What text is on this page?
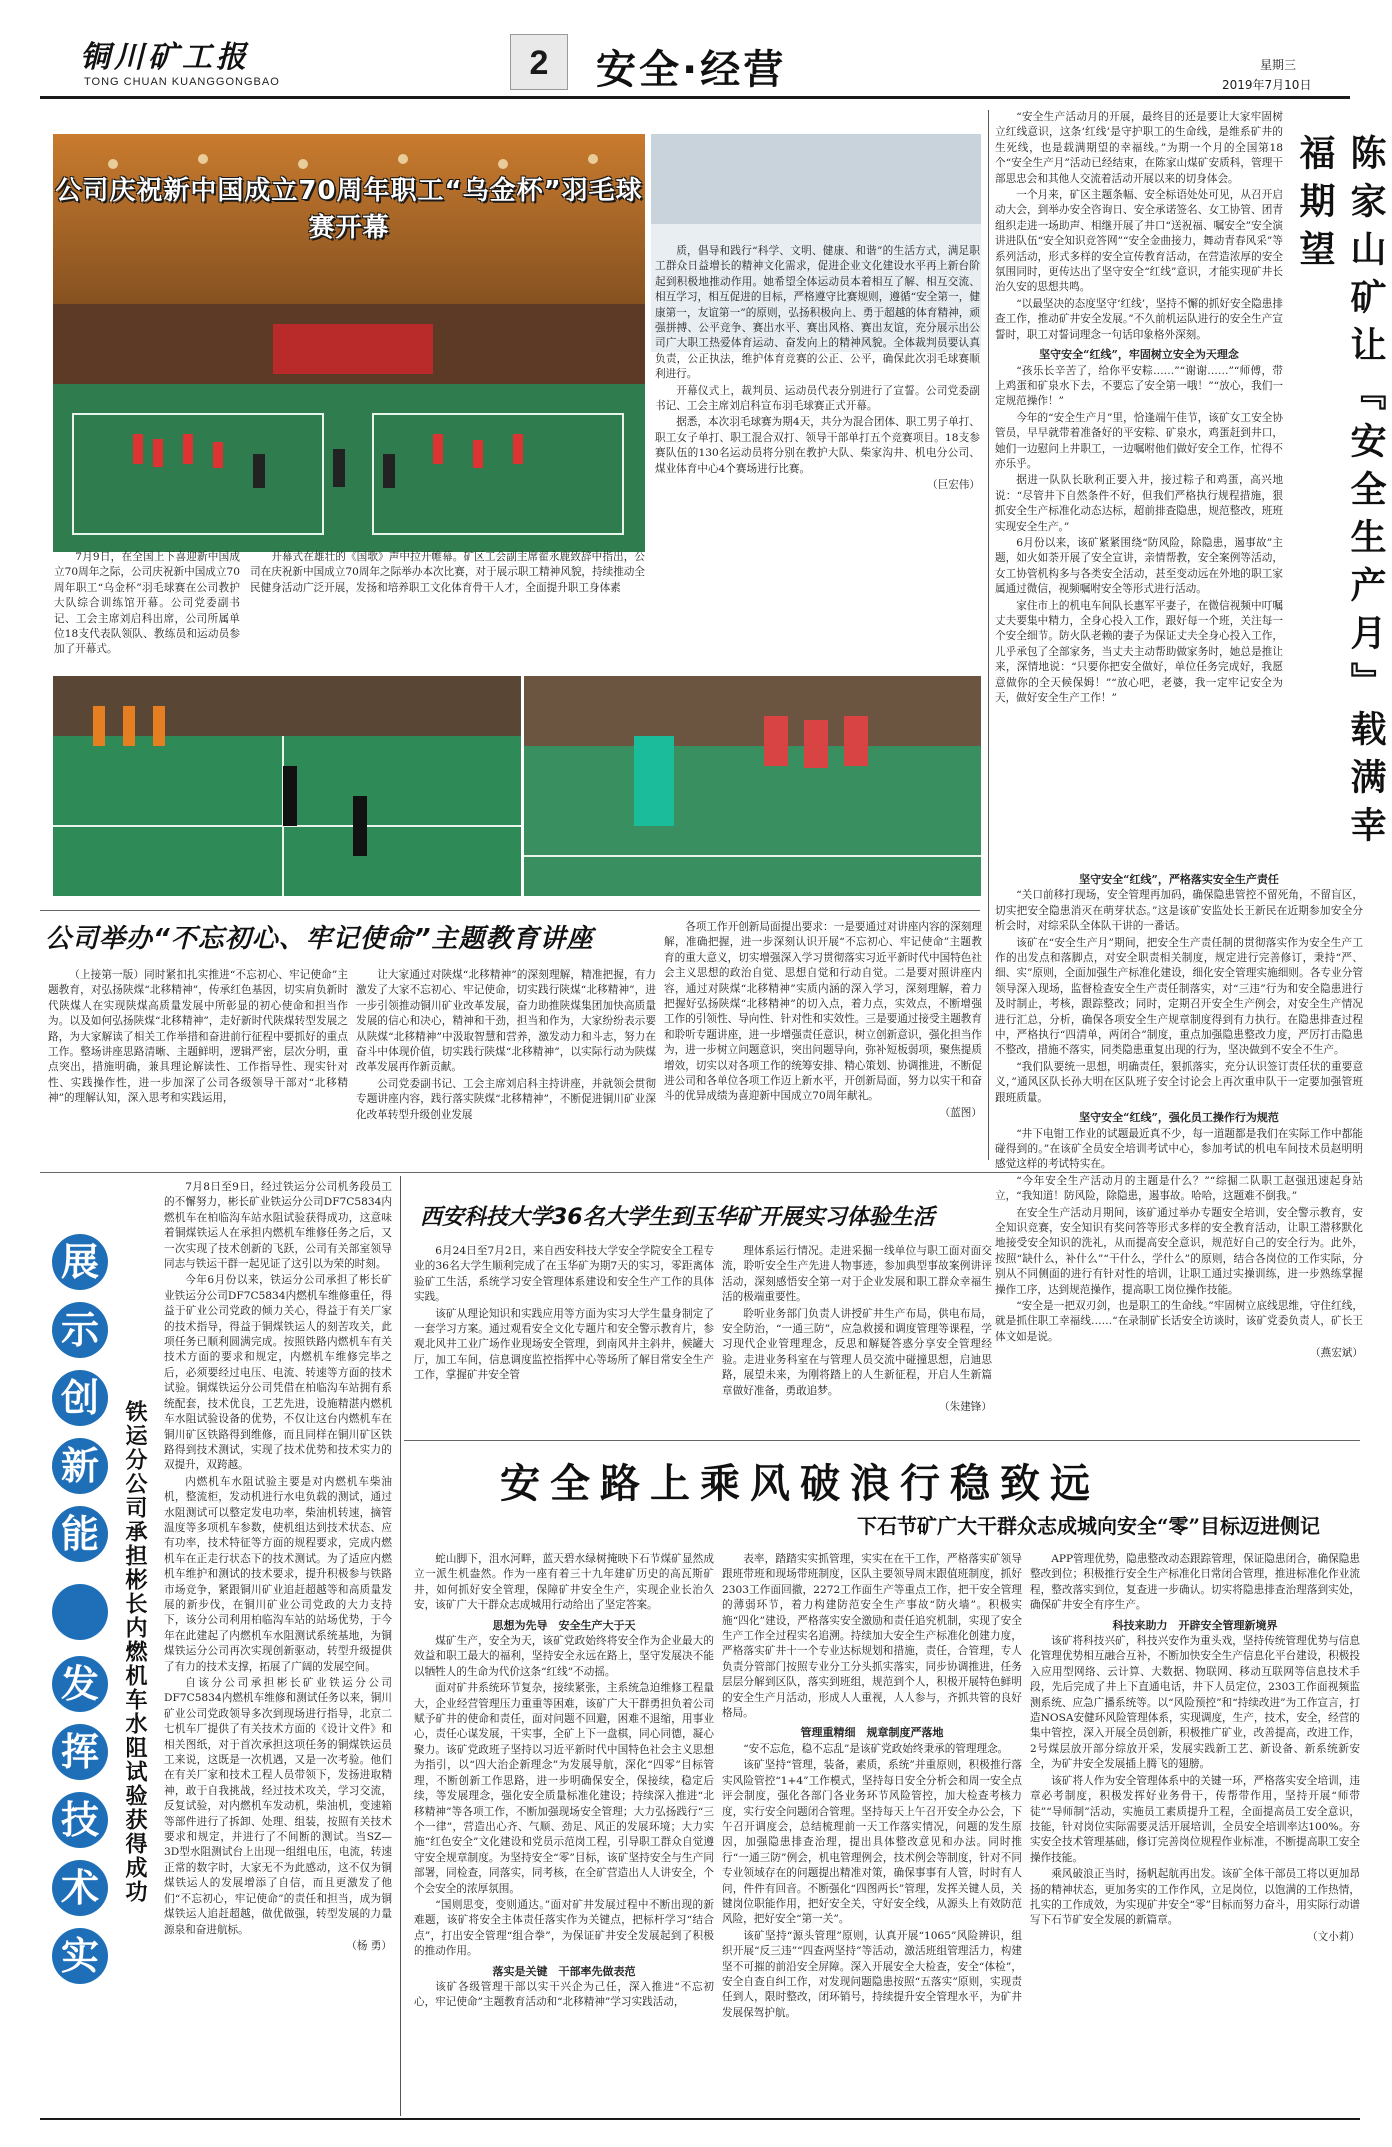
铜川矿工报
TONG CHUAN KUANGGONGBAO	2	安全·经营	星期三
2019年7月10日
公司庆祝新中国成立70周年职工“乌金杯”羽毛球赛开幕

7月9日，在全国上下喜迎新中国成立70周年之际，公司庆祝新中国成立70周年职工“乌金杯”羽毛球赛在公司教护大队综合训练馆开幕。公司党委副书记、工会主席刘启科出席，公司所属单位18支代表队领队、教练员和运动员参加了开幕式。

开幕式在雄壮的《国歌》声中拉开帷幕。矿区工会副主席翟永鹿致辞中指出，公司在庆祝新中国成立70周年之际举办本次比赛，对于展示职工精神风貌，持续推动全民健身活动广泛开展，发扬和培养职工文化体育骨干人才，全面提升职工身体素

质，倡导和践行“科学、文明、健康、和谐”的生活方式，满足职工群众日益增长的精神文化需求，促进企业文化建设水平再上新台阶起到积极地推动作用。她希望全体运动员本着相互了解、相互交流、相互学习，相互促进的目标，严格遵守比赛规则，遵循“安全第一，健康第一，友谊第一”的原则，弘扬积极向上、勇于超越的体育精神，顽强拼搏、公平竞争、赛出水平、赛出风格、赛出友谊，充分展示出公司广大职工热爱体育运动、奋发向上的精神风貌。全体裁判员要认真负责，公正执法，维护体育竞赛的公正、公平，确保此次羽毛球赛顺利进行。

开幕仪式上，裁判员、运动员代表分别进行了宣誓。公司党委副书记、工会主席刘启科宣布羽毛球赛正式开幕。

据悉，本次羽毛球赛为期4天，共分为混合团体、职工男子单打、职工女子单打、职工混合双打、领导干部单打五个竞赛项目。18支参赛队伍的130名运动员将分别在教护大队、柴家沟井、机电分公司、煤业体育中心4个赛场进行比赛。

（巨宏伟）	陈家山矿让『安全生产月』载满幸福期望

“安全生产活动月的开展，最终目的还是要让大家牢固树立红线意识，这条‘红线’是守护职工的生命线，是维系矿井的生死线，也是载满期望的幸福线。”为期一个月的全国第18个“安全生产月”活动已经结束，在陈家山煤矿安质科，管理干部思忠会和其他人交流着活动开展以来的切身体会。

一个月来，矿区主题条幅、安全标语处处可见，从召开启动大会，到举办安全咨询日、安全承诺签名、女工协管、团青组织走进一场助声、相继开展了井口“送祝福、嘱安全”安全演讲进队伍“安全知识竞答网”“安全金曲接力，舞动青春风采”等系列活动，形式多样的安全宣传教育活动，在营造浓厚的安全氛围同时，更传达出了坚守安全“红线”意识，才能实现矿井长治久安的思想共鸣。

“以最坚决的态度坚守‘红线’，坚持不懈的抓好安全隐患排查工作，推动矿井安全发展。”不久前机运队进行的安全生产宣誓时，职工对誓词理念一句话印象格外深刻。

坚守安全“红线”，牢固树立安全为天理念

“孩乐长辛苦了，给你平安粽……”“谢谢……”“师傅，带上鸡蛋和矿泉水下去，不要忘了安全第一哦！”“放心，我们一定规范操作！”

今年的“安全生产月”里，恰逢端午佳节，该矿女工安全协管员，早早就带着准备好的平安粽、矿泉水，鸡蛋赶到井口，她们一边慰问上井职工，一边嘱咐他们做好安全工作，忙得不亦乐乎。

据进一队队长耿利正要入井，接过粽子和鸡蛋，高兴地说：“尽管井下自然条件不好，但我们严格执行规程措施，狠抓安全生产标准化动态达标，超前排查隐患，规范整改，班班实现安全生产。”

6月份以来，该矿紧紧围绕“防风险，除隐患，遏事故”主题，如火如荼开展了安全宣讲，亲情帮教，安全案例等活动，女工协管机构多与各类安全活动，甚至变动远在外地的职工家属通过微信，视频嘱咐安全等形式进行活动。

家住市上的机电车间队长惠军平妻子，在微信视频中叮嘱丈夫要集中精力，全身心投入工作，跟好每一个班，关注每一个安全细节。防火队老赖的妻子为保证丈夫全身心投入工作，儿乎承包了全部家务，当丈夫主动帮助做家务时，她总是推让来，深情地说：“只要你把安全做好，单位任务完成好，我愿意做你的全天候保姆！”“放心吧，老婆，我一定牢记安全为天，做好安全生产工作！”

坚守安全“红线”，严格落实安全生产责任

“关口前移打现场，安全管理再加码，确保隐患管控不留死角，不留盲区，切实把安全隐患消灭在萌芽状态。”这是该矿安监处长王新民在近期参加安全分析会时，对综采队全体队干讲的一番话。

该矿在“安全生产月”期间，把安全生产责任制的贯彻落实作为安全生产工作的出发点和落脚点，对安全职责相关制度，规定进行完善修订，秉持“严、细、实”原则，全面加强生产标准化建设，细化安全管理实施细则。各专业分管领导深入现场，监督检查安全生产责任制落实，对“三违”行为和安全隐患进行及时制止，考核，跟踪整改；同时，定期召开安全生产例会，对安全生产情况进行汇总，分析，确保各项安全生产规章制度得到有力执行。在隐患排查过程中，严格执行“四清单，两闭合”制度，重点加强隐患整改力度，严厉打击隐患不整改，措施不落实，同类隐患重复出现的行为，坚决做到不安全不生产。

“我们队要统一思想，明确责任，狠抓落实，充分认识签订责任状的重要意义，”通风区队长孙大明在区队班子安全讨论会上再次重申队干一定要加强管班跟班质量。

坚守安全“红线”，强化员工操作行为规范

“井下电钳工作业的试题最近真不少，每一道题都是我们在实际工作中都能碰得到的。”在该矿全员安全培训考试中心，参加考试的机电车间技术员赵明明感觉这样的考试特实在。

“今年安全生产活动月的主题是什么？”“综掘二队职工赵强迅速起身站立，“我知道！防风险，除隐患，遏事故。哈哈，这题难不倒我。”

在安全生产活动月期间，该矿通过举办专题安全培训，安全警示教育，安全知识竞赛，安全知识有奖问答等形式多样的安全教育活动，让职工潜移默化地接受安全知识的洗礼，从而提高安全意识，规范好自己的安全行为。此外，按照“缺什么，补什么”“干什么，学什么”的原则，结合各岗位的工作实际，分别从不同侧面的进行有针对性的培训，让职工通过实操训练，进一步熟练掌握操作工序，达到规范操作，提高职工岗位操作技能。

“安全是一把双刃剑，也是职工的生命线。”牢固树立底线思维，守住红线，就是抓住职工幸福线……“在录制矿长话安全访谈时，该矿党委负责人，矿长王体文如是说。

（燕宏斌）
公司举办“不忘初心、牢记使命”主题教育讲座

（上接第一版）同时紧扣扎实推进“不忘初心、牢记使命”主题教育，对弘扬陕煤“北移精神”，传承红色基因，切实肩负新时代陕煤人在实现陕煤高质量发展中所彰显的初心使命和担当作为。以及如何弘扬陕煤“北移精神”，走好新时代陕煤转型发展之路，为大家解读了相关工作举措和奋进前行征程中要抓好的重点工作。整场讲座思路清晰、主题鲜明，逻辑严密，层次分明，重点突出，措施明确，兼具理论解读性、工作指导性、现实针对性、实践操作性，进一步加深了公司各级领导干部对“北移精神”的理解认知，深入思考和实践运用，

让大家通过对陕煤“北移精神”的深刻理解，精准把握，有力激发了大家不忘初心、牢记使命，切实践行陕煤“北移精神”，进一步引领推动铜川矿业改革发展，奋力助推陕煤集团加快高质量发展的信心和决心，精神和干劲，担当和作为，大家纷纷表示要从陕煤“北移精神”中汲取智慧和营养，激发动力和斗志，努力在奋斗中体现价值，切实践行陕煤“北移精神”，以实际行动为陕煤改革发展再作新贡献。

公司党委副书记、工会主席刘启科主持讲座，并就领会贯彻专题讲座内容，践行落实陕煤“北移精神”，不断促进铜川矿业深化改革转型升级创业发展

各项工作开创新局面提出要求：一是要通过对讲座内容的深刻理解，准确把握，进一步深刻认识开展“不忘初心、牢记使命”主题教育的重大意义，切实增强深入学习贯彻落实习近平新时代中国特色社会主义思想的政治自觉、思想自觉和行动自觉。二是要对照讲座内容，通过对陕煤“北移精神”实质内涵的深入学习，深刻理解，着力把握好弘扬陕煤“北移精神”的切入点，着力点，实效点，不断增强工作的引领性、导向性、针对性和实效性。三是要通过接受主题教育和聆听专题讲座，进一步增强责任意识，树立创新意识，强化担当作为，进一步树立问题意识，突出问题导向，弥补短板弱项，聚焦提质增效，切实以对各项工作的统筹安排、精心策划、协调推进，不断促进公司和各单位各项工作迈上新水平，开创新局面，努力以实干和奋斗的优异成绩为喜迎新中国成立70周年献礼。

（蓝图）
展 示 创 新 能
发 挥 技 术 实
铁运分公司承担彬长内燃机车水阻试验获得成功

7月8日至9日，经过铁运分公司机务段员工的不懈努力，彬长矿业铁运分公司DF7C5834内燃机车在柏临沟车站水阻试验获得成功，这意味着铜煤铁运人在承担内燃机车维修任务之后，又一次实现了技术创新的飞跃，公司有关部室领导同志与铁运干群一起见证了这引以为荣的时刻。

今年6月份以来，铁运分公司承担了彬长矿业铁运分公司DF7C5834内燃机车维修重任，得益于矿业公司党政的倾力关心，得益于有关厂家的技术指导，得益于铜煤铁运人的刻苦攻关，此项任务已顺利圆满完成。按照铁路内燃机车有关技术方面的要求和规定，内燃机车维修完毕之后，必须要经过电压、电流、转速等方面的技术试验。铜煤铁运分公司凭借在柏临沟车站拥有系统配套，技术优良，工艺先进，设施精湛内燃机车水阻试验设备的优势，不仅让这台内燃机车在铜川矿区铁路得到维修，而且同样在铜川矿区铁路得到技术测试，实现了技术优势和技术实力的双提升，双跨越。

内燃机车水阻试验主要是对内燃机车柴油机，整流柜，发动机进行水电负载的测试，通过水阻测试可以整定发电功率，柴油机转速，摘管温度等多项机车参数，使机组达到技术状态、应有功率，技术特征等方面的规程要求，完成内燃机车在正走行状态下的技术测试。为了适应内燃机车维护和测试的技术要求，提升积极参与铁路市场竞争，紧跟铜川矿业追赶超越等和高质量发展的新步伐，在铜川矿业公司党政的大力支持下，该分公司利用柏临沟车站的站场优势，于今年在此建起了内燃机车水阻测试系统基地，为铜煤铁运分公司再次实现创新驱动，转型升级提供了有力的技术支撑，拓展了广阔的发展空间。

自该分公司承担彬长矿业铁运分公司DF7C5834内燃机车维修和测试任务以来，铜川矿业公司党政领导多次到现场进行指导，北京二七机车厂提供了有关技术方面的《设计文件》和相关图纸，对于首次承担这项任务的铜煤铁运员工来说，这既是一次机遇，又是一次考验。他们在有关厂家和技术工程人员带领下，发扬进取精神，敢于自我挑战，经过技术攻关，学习交流，反复试验，对内燃机车发动机，柴油机，变速箱等部件进行了拆卸、处理、组装，按照有关技术要求和规定，并进行了不间断的测试。当SZ—3D型水阻测试台上出现一组组电压，电流，转速正常的数字时，大家无不为此感动，这不仅为铜煤铁运人的发展增添了自信，而且更激发了他们“不忘初心，牢记使命”的责任和担当，成为铜煤铁运人追赶超越，做优做强，转型发展的力量源泉和奋进航标。

（杨 勇）
西安科技大学36名大学生到玉华矿开展实习体验生活

6月24日至7月2日，来自西安科技大学安全学院安全工程专业的36名大学生顺利完成了在玉华矿为期7天的实习，零距离体验矿工生活，系统学习安全管理体系建设和安全生产工作的具体实践。

该矿从理论知识和实践应用等方面为实习大学生量身制定了一套学习方案。通过观看安全文化专题片和安全警示教育片，参观北风井工业广场作业现场安全管理，到南风井主斜井，候罐大厅，加工车间，信息调度监控指挥中心等场所了解目常安全生产工作，掌握矿井安全管

理体系运行情况。走进采掘一线单位与职工面对面交流，聆听安全生产先进人物事迹，参加典型事故案例讲评活动，深刻感悟安全第一对于企业发展和职工群众幸福生活的极端重要性。

聆听业务部门负责人讲授矿井生产布局，供电布局，安全防治，“一通三防”，应急救援和调度管理等课程，学习现代企业管理理念，反思和解疑答惑分享安全管理经验。走进业务科室在与管理人员交流中碰撞思想，启迪思路，展望未来，为刚将踏上的人生新征程，开启人生新篇章做好准备，勇敢追梦。

（朱建锋）
安全路上乘风破浪行稳致远
下石节矿广大干群众志成城向安全“零”目标迈进侧记

蛇山脚下，沮水河畔，蓝天碧水绿树掩映下石节煤矿显然成立一派生机盎然。作为一座有着三十九年建矿历史的高瓦斯矿井，如何抓好安全管理，保障矿井安全生产，实现企业长治久安，该矿广大干群众志成城用行动给出了坚定答案。

思想为先导　安全生产大于天

煤矿生产，安全为天，该矿党政始终将安全作为企业最大的效益和职工最大的福利，坚持安全永远在路上，坚守发展决不能以牺牲人的生命为代价这条“红线”不动摇。

面对矿井系统环节复杂，接续紧张，主系统急迫维修工程量大，企业经营管理压力重重等困难，该矿广大干群勇担负着公司赋予矿井的使命和责任，面对问题不回避，困难不退缩，用事业心，责任心谋发展，干实事，全矿上下一盘棋，同心同德，凝心聚力。该矿党政班子坚持以习近平新时代中国特色社会主义思想为指引，以“四大治企新理念”为发展导航，深化“四零”目标管理，不断创新工作思路，进一步明确保安全，保接续，稳定后续，等发展理念，强化安全质量标准化建设；持续深入推进“北移精神”等各项工作，不断加强现场安全管理；大力弘扬践行“三个一律”，营造出心齐、气顺、劲足、风正的发展环境；大力实施“红色安全”文化建设和党员示范岗工程，引导职工群众自觉遵守安全规章制度。为坚持安全“零”目标，该矿坚持安全与生产同部署，同检查，同落实，同考核，在全矿营造出人人讲安全，个个会安全的浓厚氛围。

“国则思变，变则通达。”面对矿井发展过程中不断出现的新难题，该矿将安全主体责任落实作为关键点，把标杆学习“结合点”，打出安全管理“组合拳”，为保证矿井安全发展起到了积极的推动作用。

落实是关键　干部率先做表范

该矿各级管理干部以实干兴企为己任，深入推进“不忘初心，牢记使命”主题教育活动和“北移精神”学习实践活动，

表率，踏踏实实抓管理，实实在在干工作，严格落实矿领导跟班带班和现场带班制度，区队主要领导周末跟值班制度，抓好2303工作面回撤，2272工作面生产等重点工作，把干安全管理的薄弱环节，着力构建防范安全生产事故“防火墙”。积极实施“四化”建设，严格落实安全激励和责任追究机制，实现了安全生产工作全过程实名追溯。持续加大安全生产标准化创建力度，严格落实矿井十一个专业达标规划和措施，责任，合管理，专人负责分管部门按照专业分工分头抓实落实，同步协调推进，任务层层分解到区队，落实到班组，规范到个人，积极开展特色鲜明的安全生产月活动，形成人人重视，人人参与，齐抓共管的良好格局。

管理重精细　规章制度严落地

“安不忘危，稳不忘乱”是该矿党政始终秉承的管理理念。

该矿坚持“管理，装备，素质，系统”并重原则，积极推行落实风险管控“1+4”工作模式，坚持每日安全分析会和周一安全点评会制度，强化各部门各业务环节风险管控，加大检查考核力度，实行安全问题闭合管理。坚持每天上午召开安全办公会，下午召开调度会，总结梳理前一天工作落实情况，问题的发生原因，加强隐患排查治理，提出具体整改意见和办法。同时推行“一通三防”例会，机电管理例会，技术例会等制度，针对不同专业领域存在的问题提出精准对策，确保事事有人管，时时有人问，件件有回音。不断强化“四图两长”管理，发挥关键人员，关键岗位职能作用，把好安全关，守好安全线，从源头上有效防范风险，把好安全“第一关”。

该矿坚持“源头管理”原则，认真开展“1065”风险辨识，组织开展“反三违”“四查两坚持”等活动，激活班组管理活力，构建坚不可摧的前沿安全屏障。深入开展安全大检查，安全“体检”，安全自查自纠工作，对发现问题隐患按照“五落实”原则，实现责任到人，限时整改，闭环销号，持续提升安全管理水平，为矿井发展保驾护航。

APP管理优势，隐患整改动态跟踪管理，保证隐患闭合，确保隐患整改到位；积极推行安全生产标准化日常闭合管理，推进标准化作业流程，整改落实到位，复查进一步确认。切实将隐患排查治理落到实处，确保矿井安全有序生产。

科技来助力　开辟安全管理新境界

该矿将科技兴矿，科技兴安作为重头戏，坚持传统管理优势与信息化管理优势相互融合互补，不断加快安全生产信息化平台建设，积极投入应用型网络、云计算、大数据、物联网、移动互联网等信息技术手段，先后完成了井上下直通电话，井下人员定位，2303工作面视频监测系统、应急广播系统等。以“风险预控”和“持续改进”为工作宣言，打造NOSA安健环风险管理体系，实现调度，生产，技术，安全，经营的集中管控，深入开展全员创新，积极推广矿业，改善提高，改进工作，2号煤层放开部分综放开采，发展实践新工艺、新设备、新系统新安全，为矿井安全发展插上腾飞的翅膀。

该矿将人作为安全管理体系中的关键一环，严格落实安全培训，违章必考制度，积极发挥好业务骨干，传帮带作用，坚持开展“师带徒”“导师制”活动，实施员工素质提升工程，全面提高员工安全意识，技能，针对岗位实际需要灵活开展培训，全员安全培训率达100%。夯实安全技术管理基础，修订完善岗位规程作业标准，不断提高职工安全操作技能。

乘风破浪正当时，扬帆起航再出发。该矿全体干部员工将以更加昂扬的精神状态，更加务实的工作作风，立足岗位，以饱满的工作热情，扎实的工作成效，为实现矿井安全“零”目标而努力奋斗，用实际行动谱写下石节矿安全发展的新篇章。

（文小莉）
